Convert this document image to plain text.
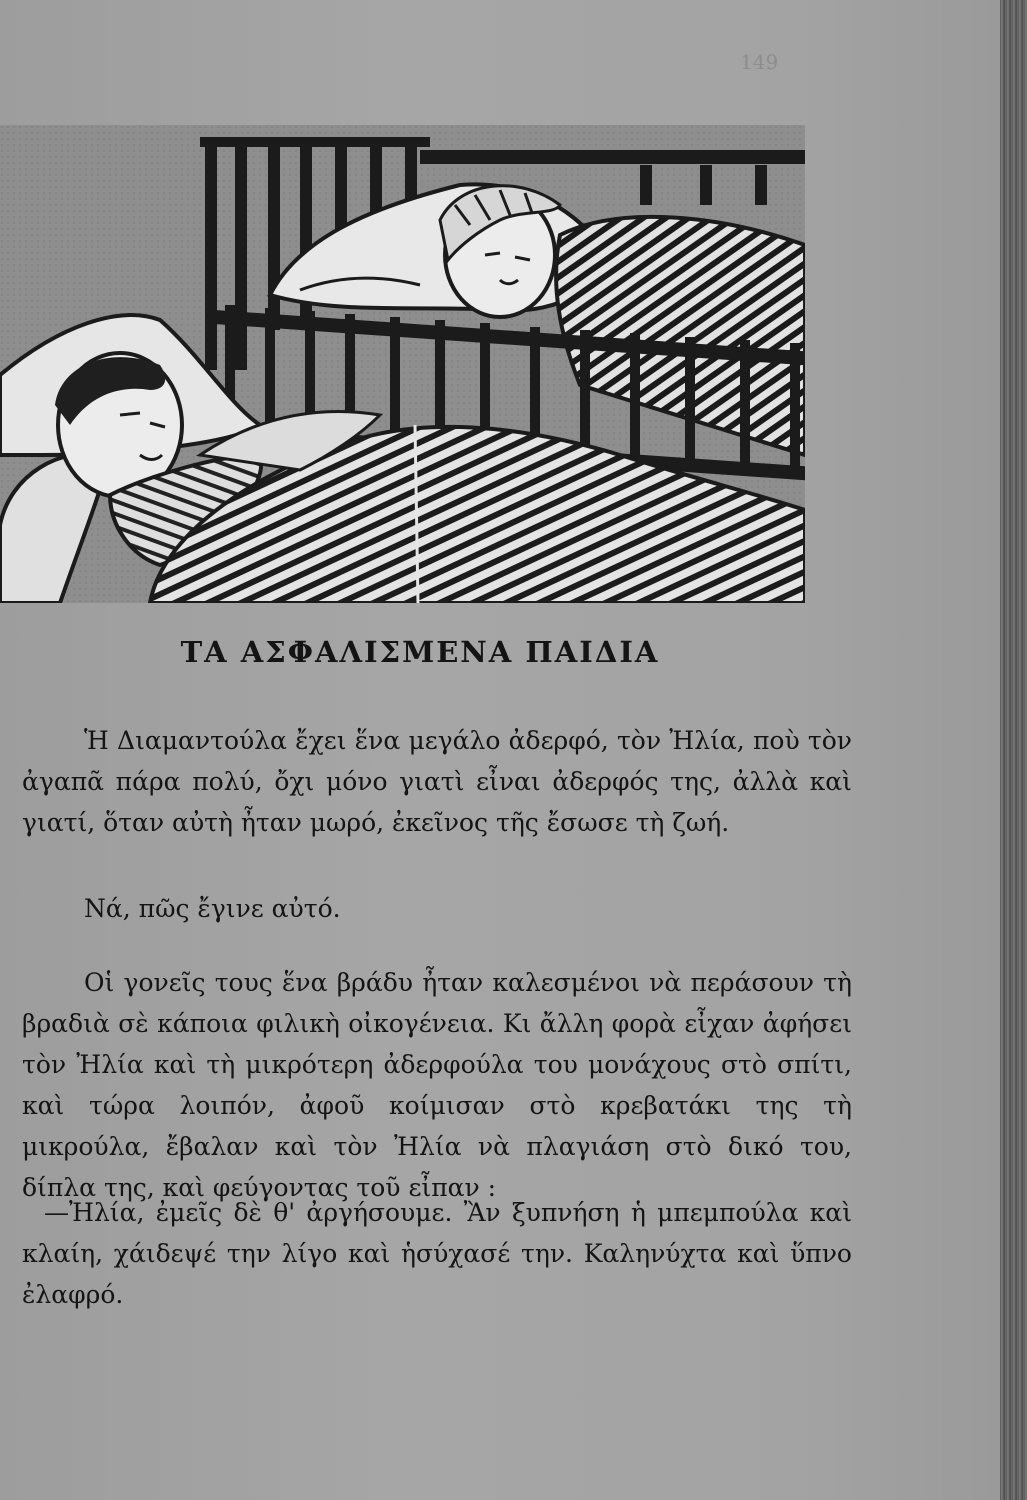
149
ΤΑ ΑΣΦΑΛΙΣΜΕΝΑ ΠΑΙΔΙΑ

Ἡ Διαμαντούλα ἔχει ἕνα μεγάλο ἀδερφό, τὸν Ἠλία, ποὺ τὸν ἀγαπᾶ πάρα πολύ, ὄχι μόνο γιατὶ εἶναι ἀδερφός της, ἀλλὰ καὶ γιατί, ὅταν αὐτὴ ἦταν μωρό, ἐκεῖνος τῆς ἔσωσε τὴ ζωή.

Νά, πῶς ἔγινε αὐτό.

Οἱ γονεῖς τους ἕνα βράδυ ἦταν καλεσμένοι νὰ περάσουν τὴ βραδιὰ σὲ κάποια φιλικὴ οἰκογένεια. Κι ἄλλη φορὰ εἶχαν ἀφήσει τὸν Ἠλία καὶ τὴ μικρότερη ἀδερφούλα του μονάχους στὸ σπίτι, καὶ τώρα λοιπόν, ἀφοῦ κοίμισαν στὸ κρεβατάκι της τὴ μικρούλα, ἔβαλαν καὶ τὸν Ἠλία νὰ πλαγιάση στὸ δικό του, δίπλα της, καὶ φεύγοντας τοῦ εἶπαν :

—Ἠλία, ἐμεῖς δὲ θ' ἀργήσουμε. Ἂν ξυπνήση ἡ μπεμπούλα καὶ κλαίη, χάιδεψέ την λίγο καὶ ἡσύχασέ την. Καληνύχτα καὶ ὕπνο ἐλαφρό.
